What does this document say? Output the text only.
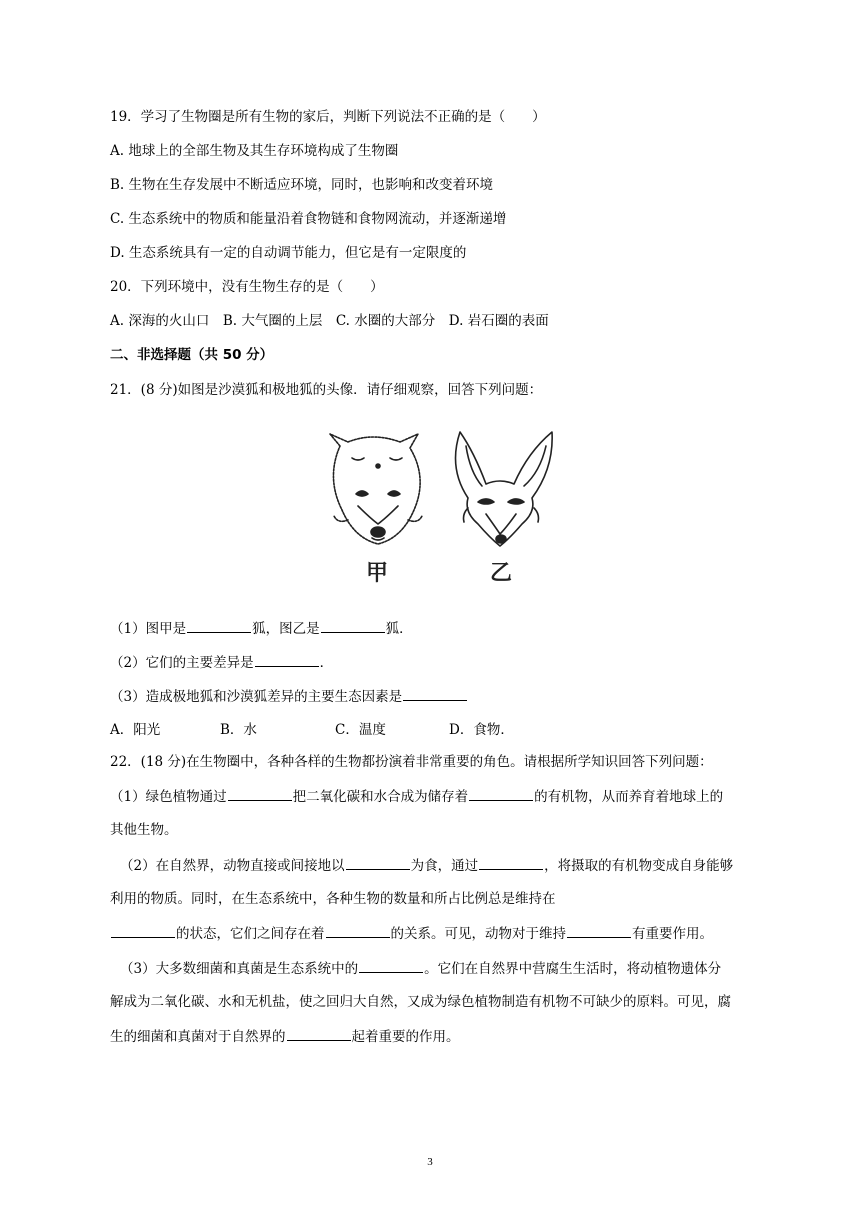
19．学习了生物圈是所有生物的家后，判断下列说法不正确的是（　　）
A. 地球上的全部生物及其生存环境构成了生物圈
B. 生物在生存发展中不断适应环境，同时，也影响和改变着环境
C. 生态系统中的物质和能量沿着食物链和食物网流动，并逐渐递增
D. 生态系统具有一定的自动调节能力，但它是有一定限度的
20．下列环境中，没有生物生存的是（　　）
A. 深海的火山口　B. 大气圈的上层　C. 水圈的大部分　D. 岩石圈的表面
二、非选择题（共 50 分）
21．(8 分)如图是沙漠狐和极地狐的头像．请仔细观察，回答下列问题：
甲	乙
（1）图甲是	狐，图乙是	狐．
（2）它们的主要差异是	．
（3）造成极地狐和沙漠狐差异的主要生态因素是
A．阳光	B．水	C．温度	D．食物．
22．(18 分)在生物圈中，各种各样的生物都扮演着非常重要的角色。请根据所学知识回答下列问题：
（1）绿色植物通过	把二氧化碳和水合成为储存着	的有机物，从而养育着地球上的
其他生物。
（2）在自然界，动物直接或间接地以	为食，通过	，将摄取的有机物变成自身能够
利用的物质。同时，在生态系统中，各种生物的数量和所占比例总是维持在
的状态，它们之间存在着	的关系。可见，动物对于维持	有重要作用。
（3）大多数细菌和真菌是生态系统中的	。它们在自然界中营腐生生活时，将动植物遗体分
解成为二氧化碳、水和无机盐，使之回归大自然，又成为绿色植物制造有机物不可缺少的原料。可见，腐
生的细菌和真菌对于自然界的	起着重要的作用。
3
